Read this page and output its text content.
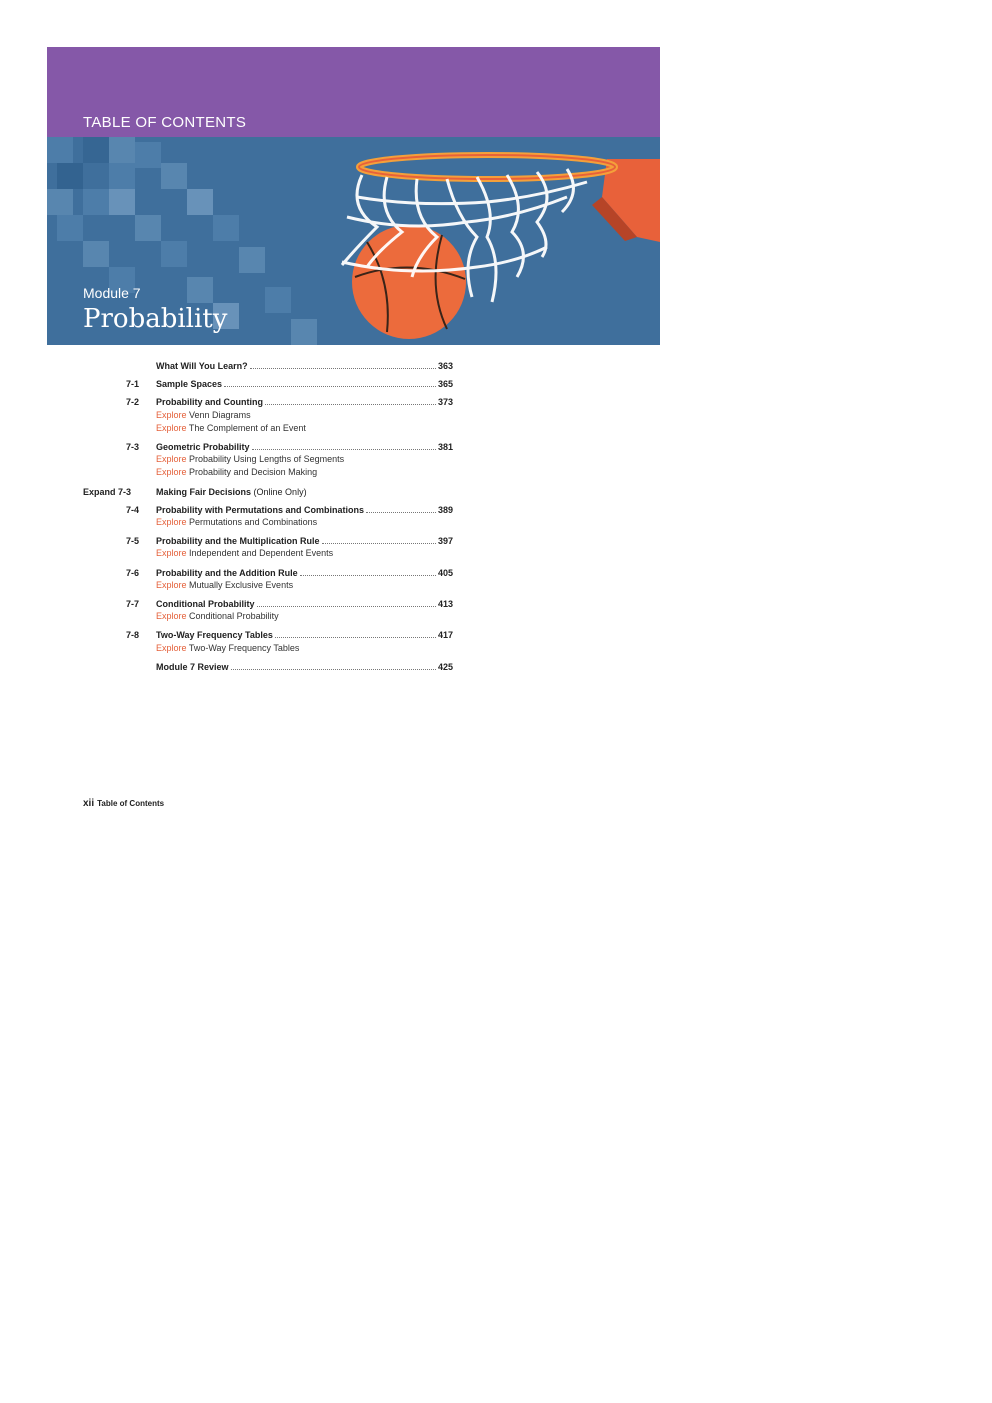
TABLE OF CONTENTS
Module 7
Probability
What Will You Learn?	363
7-1 Sample Spaces	365
7-2 Probability and Counting	373
Explore Venn Diagrams
Explore The Complement of an Event
7-3 Geometric Probability	381
Explore Probability Using Lengths of Segments
Explore Probability and Decision Making
Expand 7-3	Making Fair Decisions (Online Only)
7-4 Probability with Permutations and Combinations	389
Explore Permutations and Combinations
7-5 Probability and the Multiplication Rule	397
Explore Independent and Dependent Events
7-6 Probability and the Addition Rule	405
Explore Mutually Exclusive Events
7-7 Conditional Probability	413
Explore Conditional Probability
7-8 Two-Way Frequency Tables	417
Explore Two-Way Frequency Tables
Module 7 Review	425
xii Table of Contents
